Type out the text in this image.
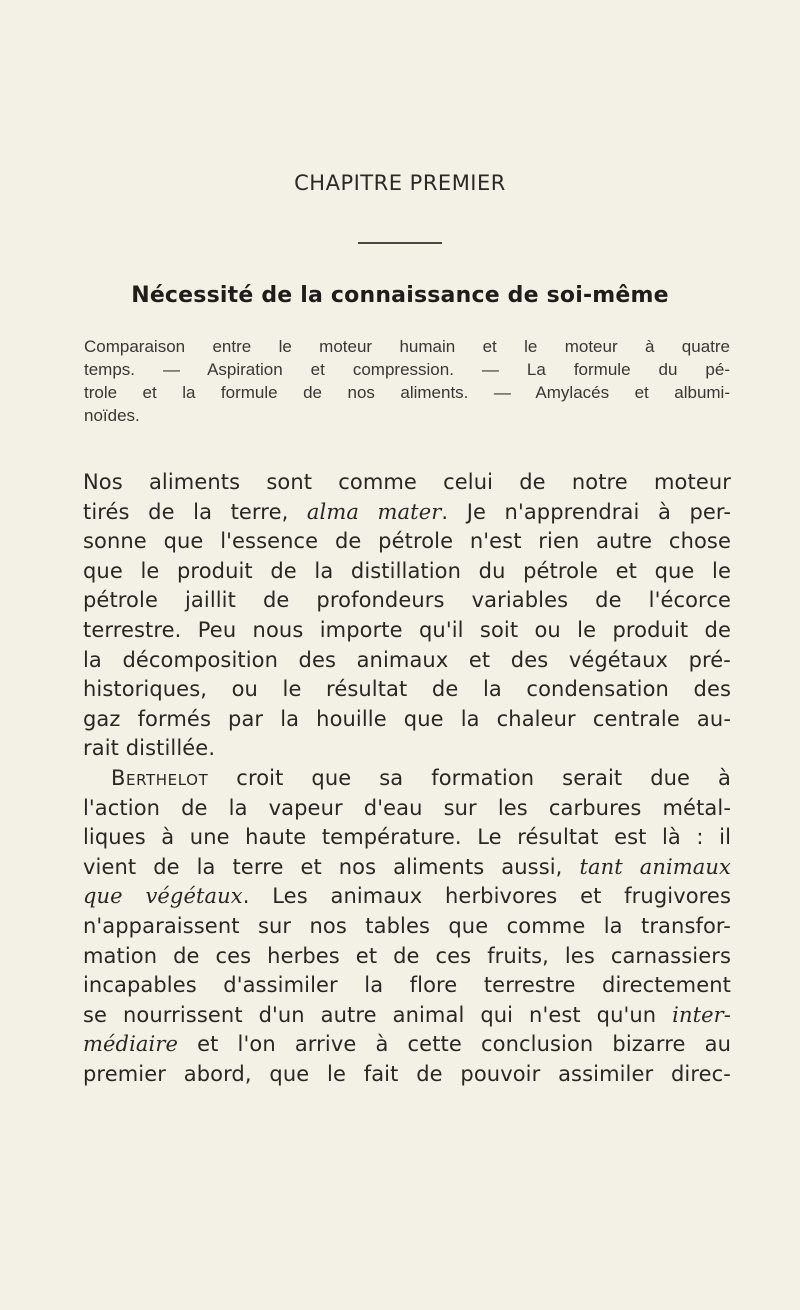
CHAPITRE PREMIER
Nécessité de la connaissance de soi-même
Comparaison entre le moteur humain et le moteur à quatre
temps. — Aspiration et compression. — La formule du pé-
trole et la formule de nos aliments. — Amylacés et albumi-
noïdes.
Nos aliments sont comme celui de notre moteur
tirés de la terre, alma mater. Je n'apprendrai à per-
sonne que l'essence de pétrole n'est rien autre chose
que le produit de la distillation du pétrole et que le
pétrole jaillit de profondeurs variables de l'écorce
terrestre. Peu nous importe qu'il soit ou le produit de
la décomposition des animaux et des végétaux pré-
historiques, ou le résultat de la condensation des
gaz formés par la houille que la chaleur centrale au-
rait distillée.
Berthelot croit que sa formation serait due à
l'action de la vapeur d'eau sur les carbures métal-
liques à une haute température. Le résultat est là : il
vient de la terre et nos aliments aussi, tant animaux
que végétaux. Les animaux herbivores et frugivores
n'apparaissent sur nos tables que comme la transfor-
mation de ces herbes et de ces fruits, les carnassiers
incapables d'assimiler la flore terrestre directement
se nourrissent d'un autre animal qui n'est qu'un inter-
médiaire et l'on arrive à cette conclusion bizarre au
premier abord, que le fait de pouvoir assimiler direc-
